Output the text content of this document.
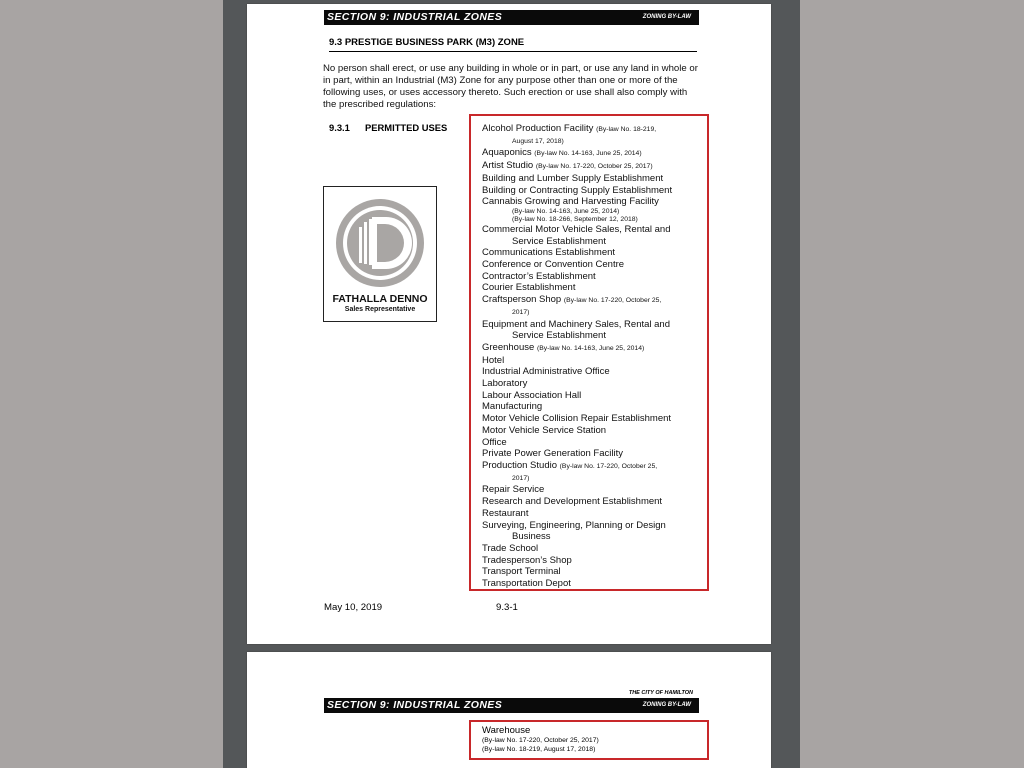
SECTION 9: INDUSTRIAL ZONES	ZONING BY-LAW
9.3 PRESTIGE BUSINESS PARK (M3) ZONE
No person shall erect, or use any building in whole or in part, or use any land in whole or in part, within an Industrial (M3) Zone for any purpose other than one or more of the following uses, or uses accessory thereto. Such erection or use shall also comply with the prescribed regulations:
9.3.1 PERMITTED USES	Alcohol Production Facility (By-law No. 18-219,
August 17, 2018)
Aquaponics (By-law No. 14-163, June 25, 2014)
Artist Studio (By-law No. 17-220, October 25, 2017)
Building and Lumber Supply Establishment
Building or Contracting Supply Establishment
Cannabis Growing and Harvesting Facility
(By-law No. 14-163, June 25, 2014)
(By-law No. 18-266, September 12, 2018)
Commercial Motor Vehicle Sales, Rental and
Service Establishment
Communications Establishment
Conference or Convention Centre
Contractor’s Establishment
Courier Establishment
Craftsperson Shop (By-law No. 17-220, October 25,
2017)
Equipment and Machinery Sales, Rental and
Service Establishment
Greenhouse (By-law No. 14-163, June 25, 2014)
Hotel
Industrial Administrative Office
Laboratory
Labour Association Hall
Manufacturing
Motor Vehicle Collision Repair Establishment
Motor Vehicle Service Station
Office
Private Power Generation Facility
Production Studio (By-law No. 17-220, October 25,
2017)
Repair Service
Research and Development Establishment
Restaurant
Surveying, Engineering, Planning or Design
Business
Trade School
Tradesperson’s Shop
Transport Terminal
Transportation Depot
FATHALLA DENNO
Sales Representative
May 10, 2019	9.3-1
THE CITY OF HAMILTON
SECTION 9: INDUSTRIAL ZONES	ZONING BY-LAW
Warehouse
(By-law No. 17-220, October 25, 2017)
(By-law No. 18-219, August 17, 2018)
